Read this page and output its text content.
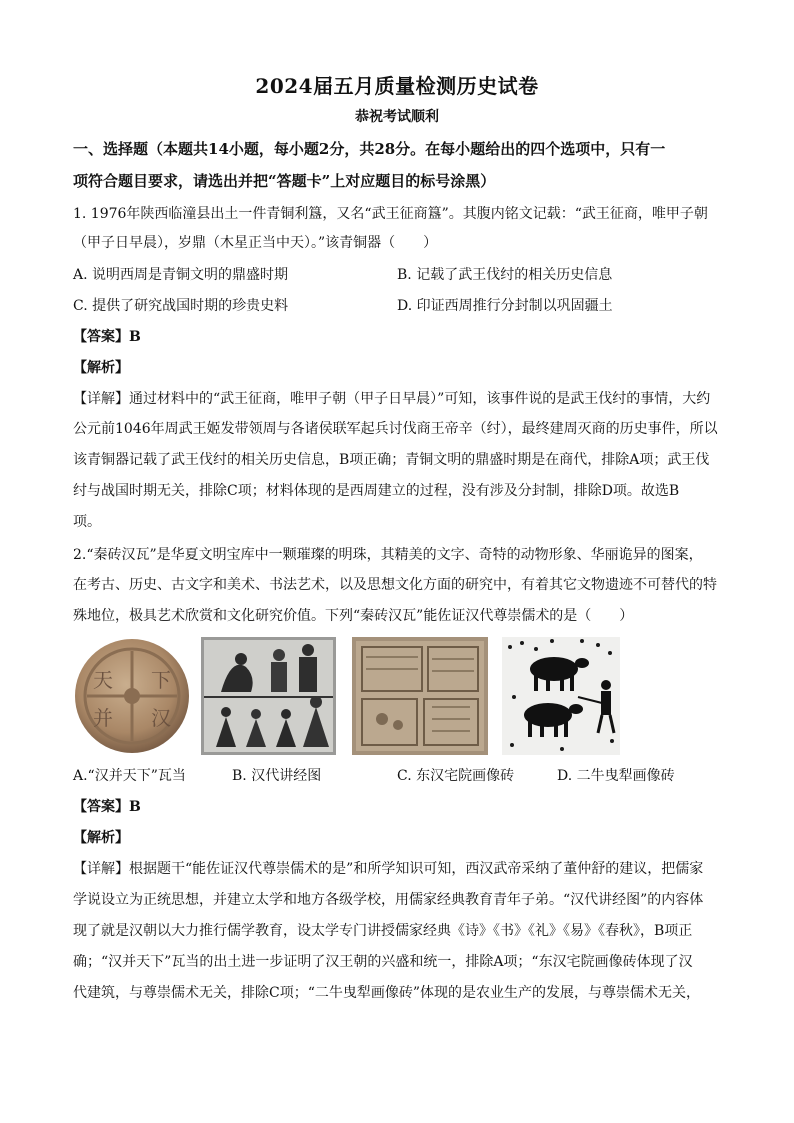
2024届五月质量检测历史试卷
恭祝考试顺利
一、选择题（本题共14小题，每小题2分，共28分。在每小题给出的四个选项中，只有一
项符合题目要求，请选出并把“答题卡”上对应题目的标号涂黑）
1. 1976年陕西临潼县出土一件青铜利簋，又名“武王征商簋”。其腹内铭文记载：“武王征商，唯甲子朝
（甲子日早晨），岁鼎（木星正当中天）。”该青铜器（　　）
A. 说明西周是青铜文明的鼎盛时期	B. 记载了武王伐纣的相关历史信息
C. 提供了研究战国时期的珍贵史料	D. 印证西周推行分封制以巩固疆土
【答案】B
【解析】
【详解】通过材料中的“武王征商，唯甲子朝（甲子日早晨）”可知，该事件说的是武王伐纣的事情，大约
公元前1046年周武王姬发带领周与各诸侯联军起兵讨伐商王帝辛（纣），最终建周灭商的历史事件，所以
该青铜器记载了武王伐纣的相关历史信息，B项正确；青铜文明的鼎盛时期是在商代，排除A项；武王伐
纣与战国时期无关，排除C项；材料体现的是西周建立的过程，没有涉及分封制，排除D项。故选B
项。
2.“秦砖汉瓦”是华夏文明宝库中一颗璀璨的明珠，其精美的文字、奇特的动物形象、华丽诡异的图案，
在考古、历史、古文字和美术、书法艺术，以及思想文化方面的研究中，有着其它文物遗迹不可替代的特
殊地位，极具艺术欣赏和文化研究价值。下列“秦砖汉瓦”能佐证汉代尊崇儒术的是（　　）
天 下
并 汉
A.“汉并天下”瓦当	B. 汉代讲经图	C. 东汉宅院画像砖	D. 二牛曳犁画像砖
【答案】B
【解析】
【详解】根据题干“能佐证汉代尊崇儒术的是”和所学知识可知，西汉武帝采纳了董仲舒的建议，把儒家
学说设立为正统思想，并建立太学和地方各级学校，用儒家经典教育青年子弟。“汉代讲经图”的内容体
现了就是汉朝以大力推行儒学教育，设太学专门讲授儒家经典《诗》《书》《礼》《易》《春秋》，B项正
确；“汉并天下”瓦当的出土进一步证明了汉王朝的兴盛和统一，排除A项；“东汉宅院画像砖体现了汉
代建筑，与尊崇儒术无关，排除C项；“二牛曳犁画像砖”体现的是农业生产的发展，与尊崇儒术无关，
